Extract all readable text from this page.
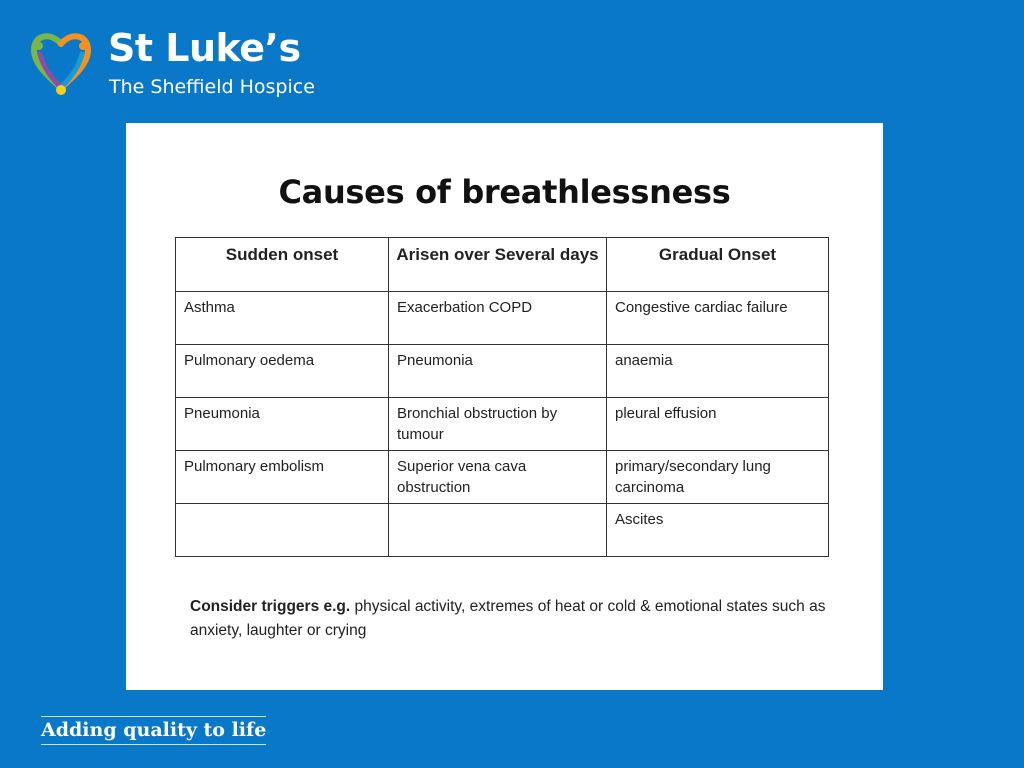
St Luke’s
The Sheffield Hospice
Causes of breathlessness
Sudden onset	Arisen over Several days	Gradual Onset
Asthma	Exacerbation COPD	Congestive cardiac failure
Pulmonary oedema	Pneumonia	anaemia
Pneumonia	Bronchial obstruction by tumour	pleural effusion
Pulmonary embolism	Superior vena cava obstruction	primary/secondary lung carcinoma
		Ascites
Consider triggers e.g. physical activity, extremes of heat or cold & emotional states such as anxiety, laughter or crying
Adding quality to life
